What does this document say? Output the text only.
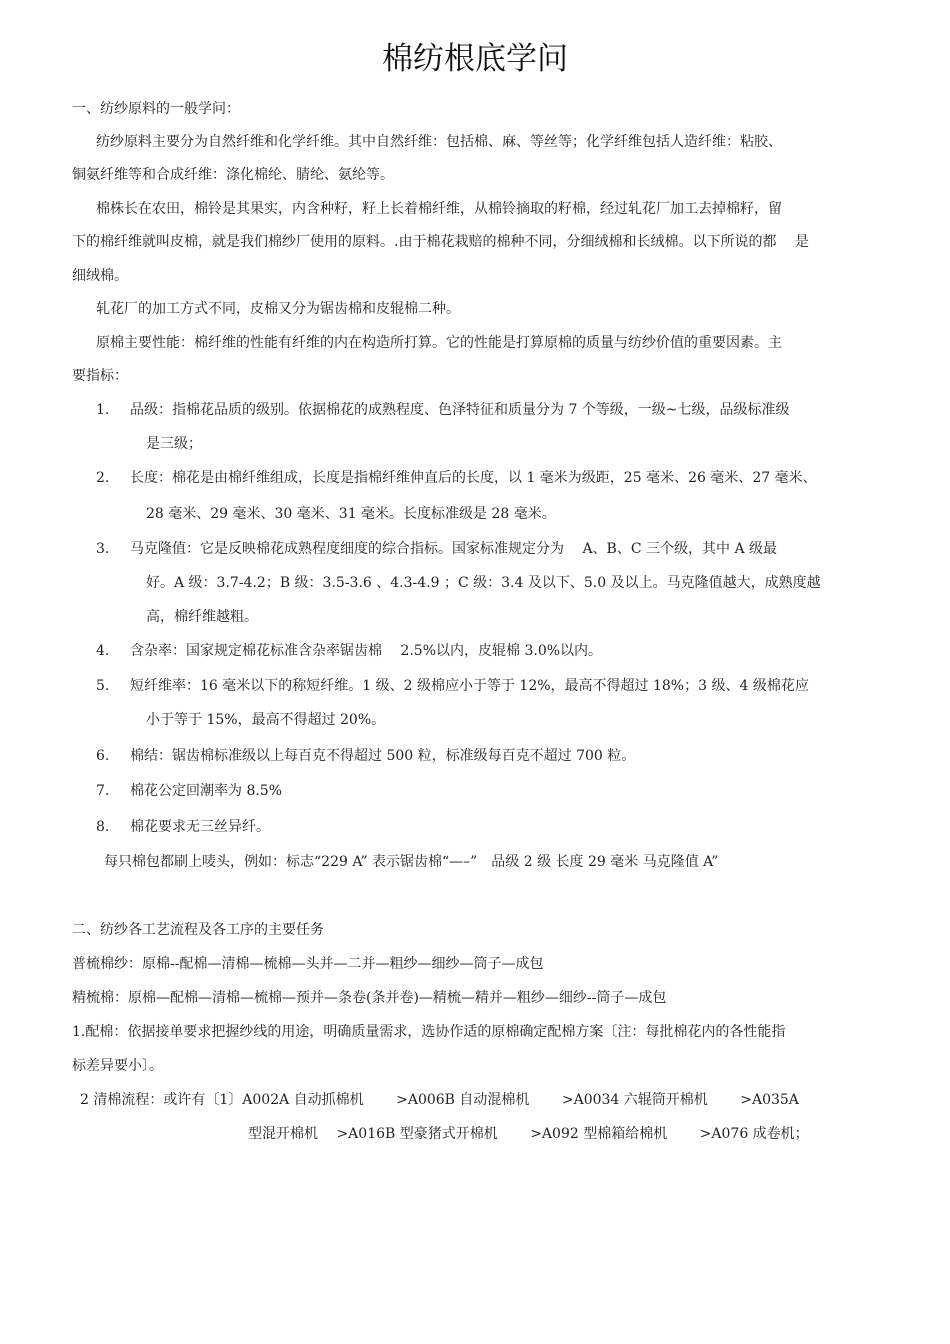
棉纺根底学问
一、纺纱原料的一般学问：
纺纱原料主要分为自然纤维和化学纤维。其中自然纤维：包括棉、麻、等丝等；化学纤维包括人造纤维：粘胶、
铜氨纤维等和合成纤维：涤化棉纶、腈纶、氨纶等。
棉株长在农田，棉铃是其果实，内含种籽，籽上长着棉纤维，从棉铃摘取的籽棉，经过轧花厂加工去掉棉籽，留
下的棉纤维就叫皮棉，就是我们棉纱厂使用的原料。.由于棉花栽赔的棉种不同，分细绒棉和长绒棉。以下所说的都　 是
细绒棉。
轧花厂的加工方式不同，皮棉又分为锯齿棉和皮辊棉二种。
原棉主要性能：棉纤维的性能有纤维的内在构造所打算。它的性能是打算原棉的质量与纺纱价值的重要因素。主
要指标：
1. 品级：指棉花品质的级别。依据棉花的成熟程度、色泽特征和质量分为 7 个等级，一级~七级，品级标准级
是三级；
2. 长度：棉花是由棉纤维组成，长度是指棉纤维伸直后的长度，以 1 毫米为级距，25 毫米、26 毫米、27 毫米、
28 毫米、29 毫米、30 毫米、31 毫米。长度标准级是 28 毫米。
3. 马克隆值：它是反映棉花成熟程度细度的综合指标。国家标准规定分为　 A、B、C 三个级，其中 A 级最
好。A 级：3.7-4.2；B 级：3.5-3.6 、4.3-4.9 ；C 级：3.4 及以下、5.0 及以上。马克隆值越大，成熟度越
高，棉纤维越粗。
4. 含杂率：国家规定棉花标准含杂率锯齿棉　 2.5%以内，皮辊棉 3.0%以内。
5. 短纤维率：16 毫米以下的称短纤维。1 级、2 级棉应小于等于 12%，最高不得超过 18%；3 级、4 级棉花应
小于等于 15%，最高不得超过 20%。
6. 棉结：锯齿棉标准级以上每百克不得超过 500 粒，标准级每百克不超过 700 粒。
7. 棉花公定回潮率为 8.5%
8. 棉花要求无三丝异纤。
每只棉包都刷上唛头，例如：标志“229 A” 表示锯齿棉“—–”　品级 2 级 长度 29 毫米 马克隆值 A”
二、纺纱各工艺流程及各工序的主要任务
普梳棉纱：原棉--配棉—清棉—梳棉—头并—二并—粗纱—细纱—筒子—成包
精梳棉：原棉—配棉—清棉—梳棉—预并—条卷(条并卷)—精梳—精并—粗纱—细纱--筒子—成包
1.配棉：依据接单要求把握纱线的用途，明确质量需求，选协作适的原棉确定配棉方案〔注：每批棉花内的各性能指
标差异要小〕。
2 清棉流程：或许有〔1〕A002A 自动抓棉机　　 >A006B 自动混棉机　　 >A0034 六辊筒开棉机　　 >A035A
型混开棉机　 >A016B 型豪猪式开棉机　　 >A092 型棉箱给棉机　　 >A076 成卷机；
